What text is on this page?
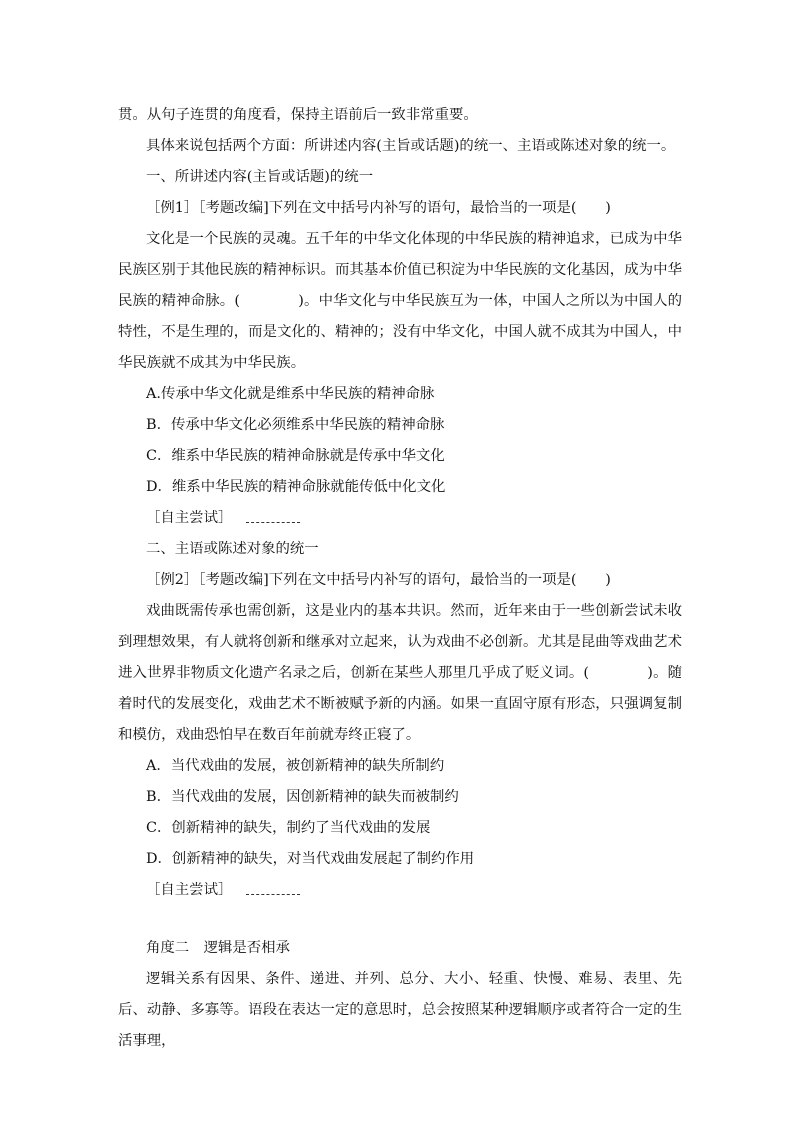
贯。从句子连贯的角度看，保持主语前后一致非常重要。
具体来说包括两个方面：所讲述内容(主旨或话题)的统一、主语或陈述对象的统一。
一、所讲述内容(主旨或话题)的统一
［例1］［考题改编]下列在文中括号内补写的语句，最恰当的一项是(　　)

文化是一个民族的灵魂。五千年的中华文化体现的中华民族的精神追求，已成为中华民族区别于其他民族的精神标识。而其基本价值已积淀为中华民族的文化基因，成为中华民族的精神命脉。(　　　　)。中华文化与中华民族互为一体，中国人之所以为中国人的特性，不是生理的，而是文化的、精神的；没有中华文化，中国人就不成其为中国人，中华民族就不成其为中华民族。

A.传承中华文化就是维系中华民族的精神命脉
B．传承中华文化必须维系中华民族的精神命脉
C．维系中华民族的精神命脉就是传承中华文化
D．维系中华民族的精神命脉就能传低中化文化
［自主尝试］
二、主语或陈述对象的统一
［例2］［考题改编]下列在文中括号内补写的语句，最恰当的一项是(　　)

戏曲既需传承也需创新，这是业内的基本共识。然而，近年来由于一些创新尝试未收到理想效果，有人就将创新和继承对立起来，认为戏曲不必创新。尤其是昆曲等戏曲艺术进入世界非物质文化遗产名录之后，创新在某些人那里几乎成了贬义词。(　　　　)。随着时代的发展变化，戏曲艺术不断被赋予新的内涵。如果一直固守原有形态，只强调复制和模仿，戏曲恐怕早在数百年前就寿终正寝了。

A．当代戏曲的发展，被创新精神的缺失所制约
B．当代戏曲的发展，因创新精神的缺失而被制约
C．创新精神的缺失，制约了当代戏曲的发展
D．创新精神的缺失，对当代戏曲发展起了制约作用
［自主尝试］
角度二　逻辑是否相承

逻辑关系有因果、条件、递进、并列、总分、大小、轻重、快慢、难易、表里、先后、动静、多寡等。语段在表达一定的意思时，总会按照某种逻辑顺序或者符合一定的生活事理，
